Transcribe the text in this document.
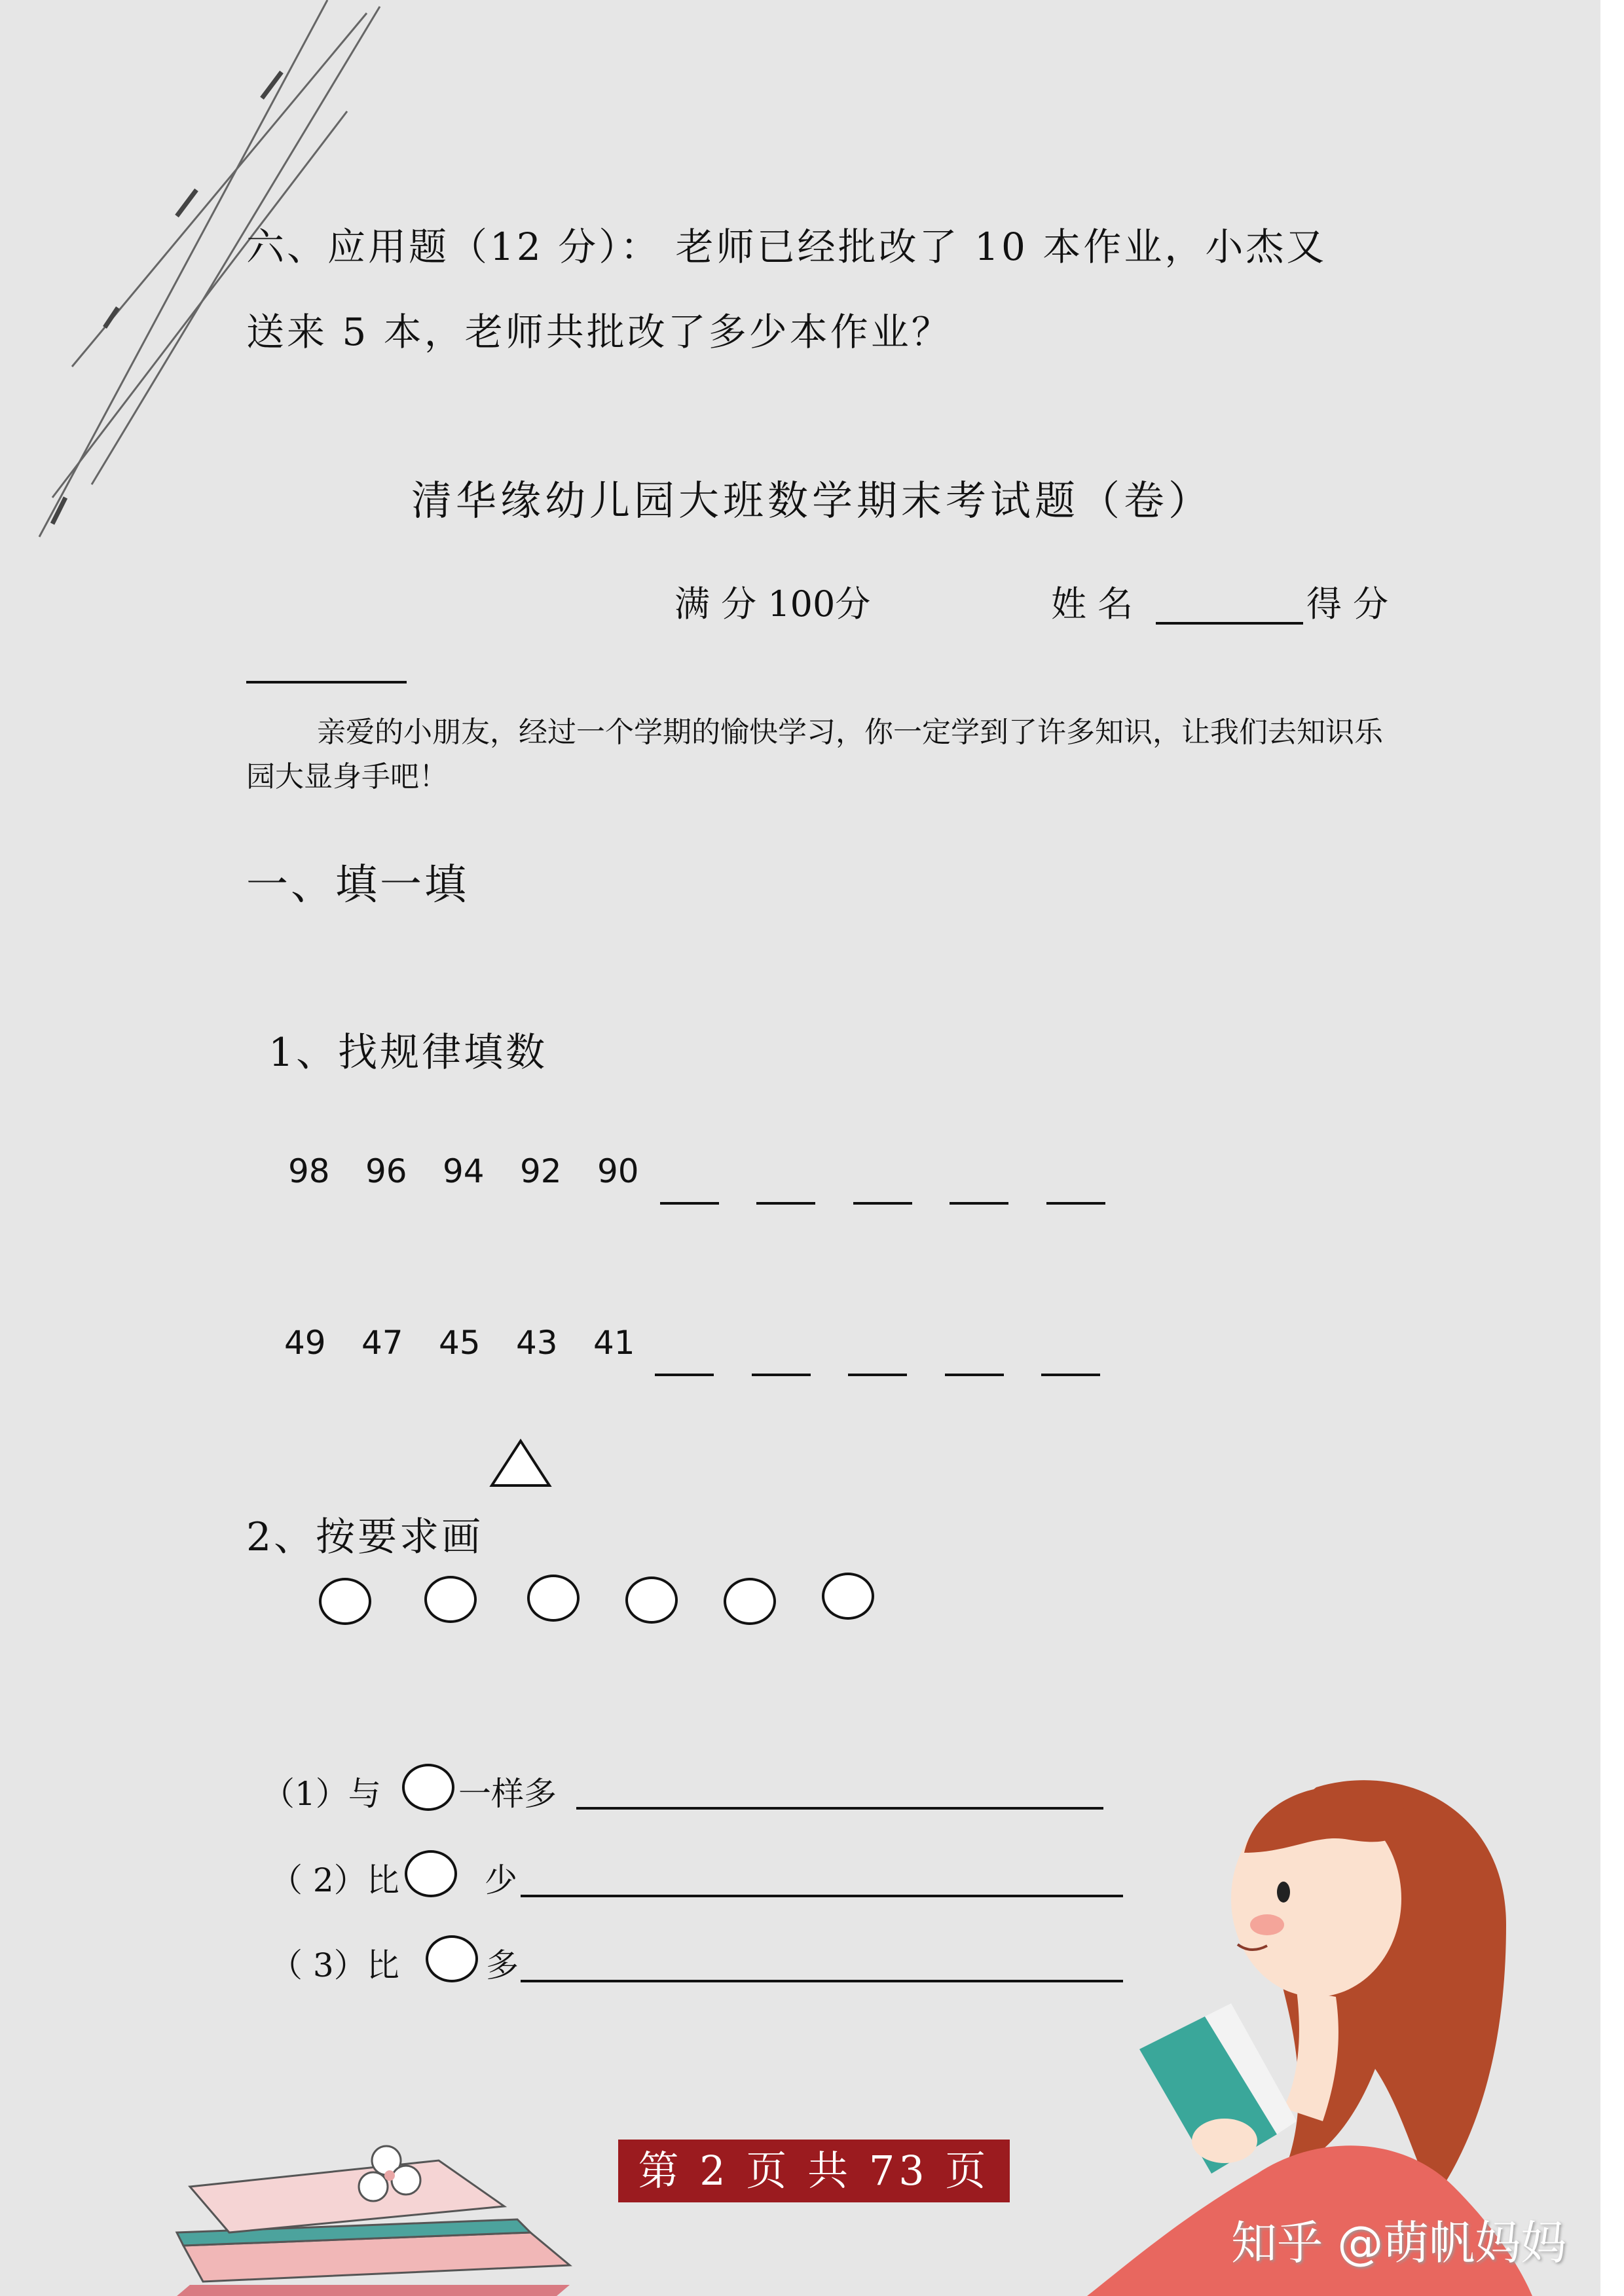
六、应用题（12 分）： 老师已经批改了 10 本作业，小杰又
送来 5 本，老师共批改了多少本作业？
清华缘幼儿园大班数学期末考试题（卷）
满 分 100分	姓 名	得 分
亲爱的小朋友，经过一个学期的愉快学习，你一定学到了许多知识，让我们去知识乐园大显身手吧！
一、填一填
1、找规律填数
98 96 94 92 90
49 47 45 43 41
2、按要求画
（1）与 一样多
（ 2）比	少
（ 3）比	多
第 2 页 共 73 页
知乎 @萌帆妈妈
